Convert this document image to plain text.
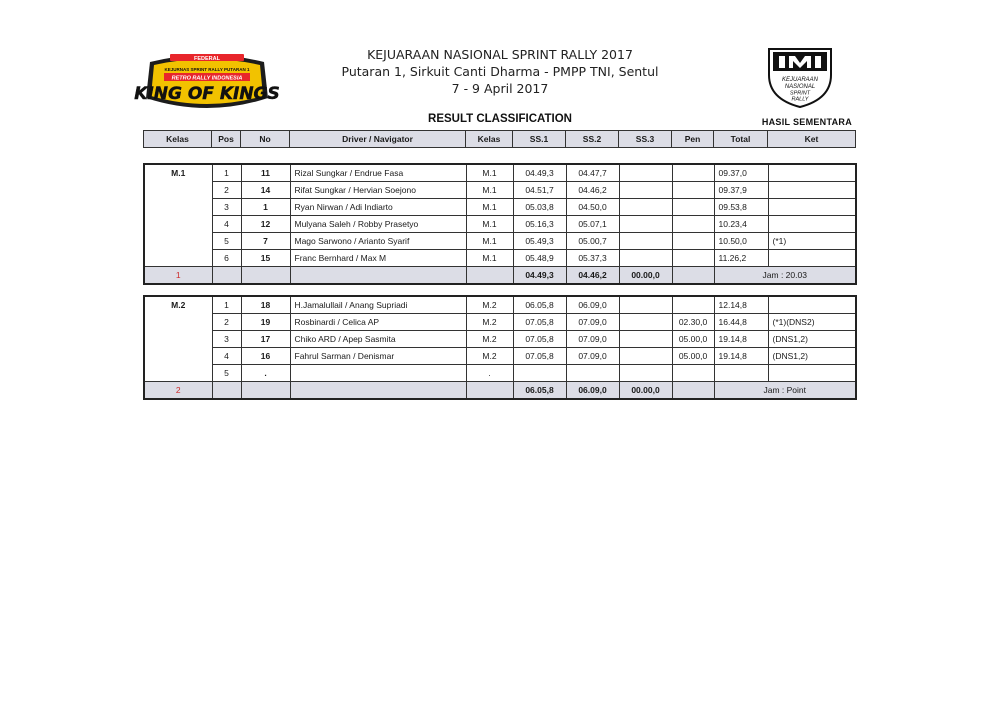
FEDERAL
KEJURNAS SPRINT RALLY PUTARAN 1
RETRO RALLY INDONESIA
KING OF KINGS
KEJUARAAN NASIONAL SPRINT RALLY 2017
Putaran 1, Sirkuit Canti Dharma - PMPP TNI, Sentul
7 - 9 April 2017
KEJUARAAN
NASIONAL
SPRINT
RALLY
RESULT CLASSIFICATION	HASIL SEMENTARA
Kelas	Pos	No	Driver / Navigator	Kelas	SS.1	SS.2	SS.3	Pen	Total	Ket
M.1	1	11	Rizal Sungkar / Endrue Fasa	M.1	04.49,3	04.47,7			09.37,0	
	2	14	Rifat Sungkar / Hervian Soejono	M.1	04.51,7	04.46,2			09.37,9	
	3	1	Ryan Nirwan / Adi Indiarto	M.1	05.03,8	04.50,0			09.53,8	
	4	12	Mulyana Saleh / Robby Prasetyo	M.1	05.16,3	05.07,1			10.23,4	
	5	7	Mago Sarwono / Arianto Syarif	M.1	05.49,3	05.00,7			10.50,0	(*1)
	6	15	Franc Bernhard / Max M	M.1	05.48,9	05.37,3			11.26,2	
1					04.49,3	04.46,2	00.00,0		Jam : 20.03	
M.2	1	18	H.Jamalullail / Anang Supriadi	M.2	06.05,8	06.09,0			12.14,8	
	2	19	Rosbinardi / Celica AP	M.2	07.05,8	07.09,0		02.30,0	16.44,8	(*1)(DNS2)
	3	17	Chiko ARD / Apep Sasmita	M.2	07.05,8	07.09,0		05.00,0	19.14,8	(DNS1,2)
	4	16	Fahrul Sarman / Denismar	M.2	07.05,8	07.09,0		05.00,0	19.14,8	(DNS1,2)
	5	.		.						
2					06.05,8	06.09,0	00.00,0		Jam : Point	
